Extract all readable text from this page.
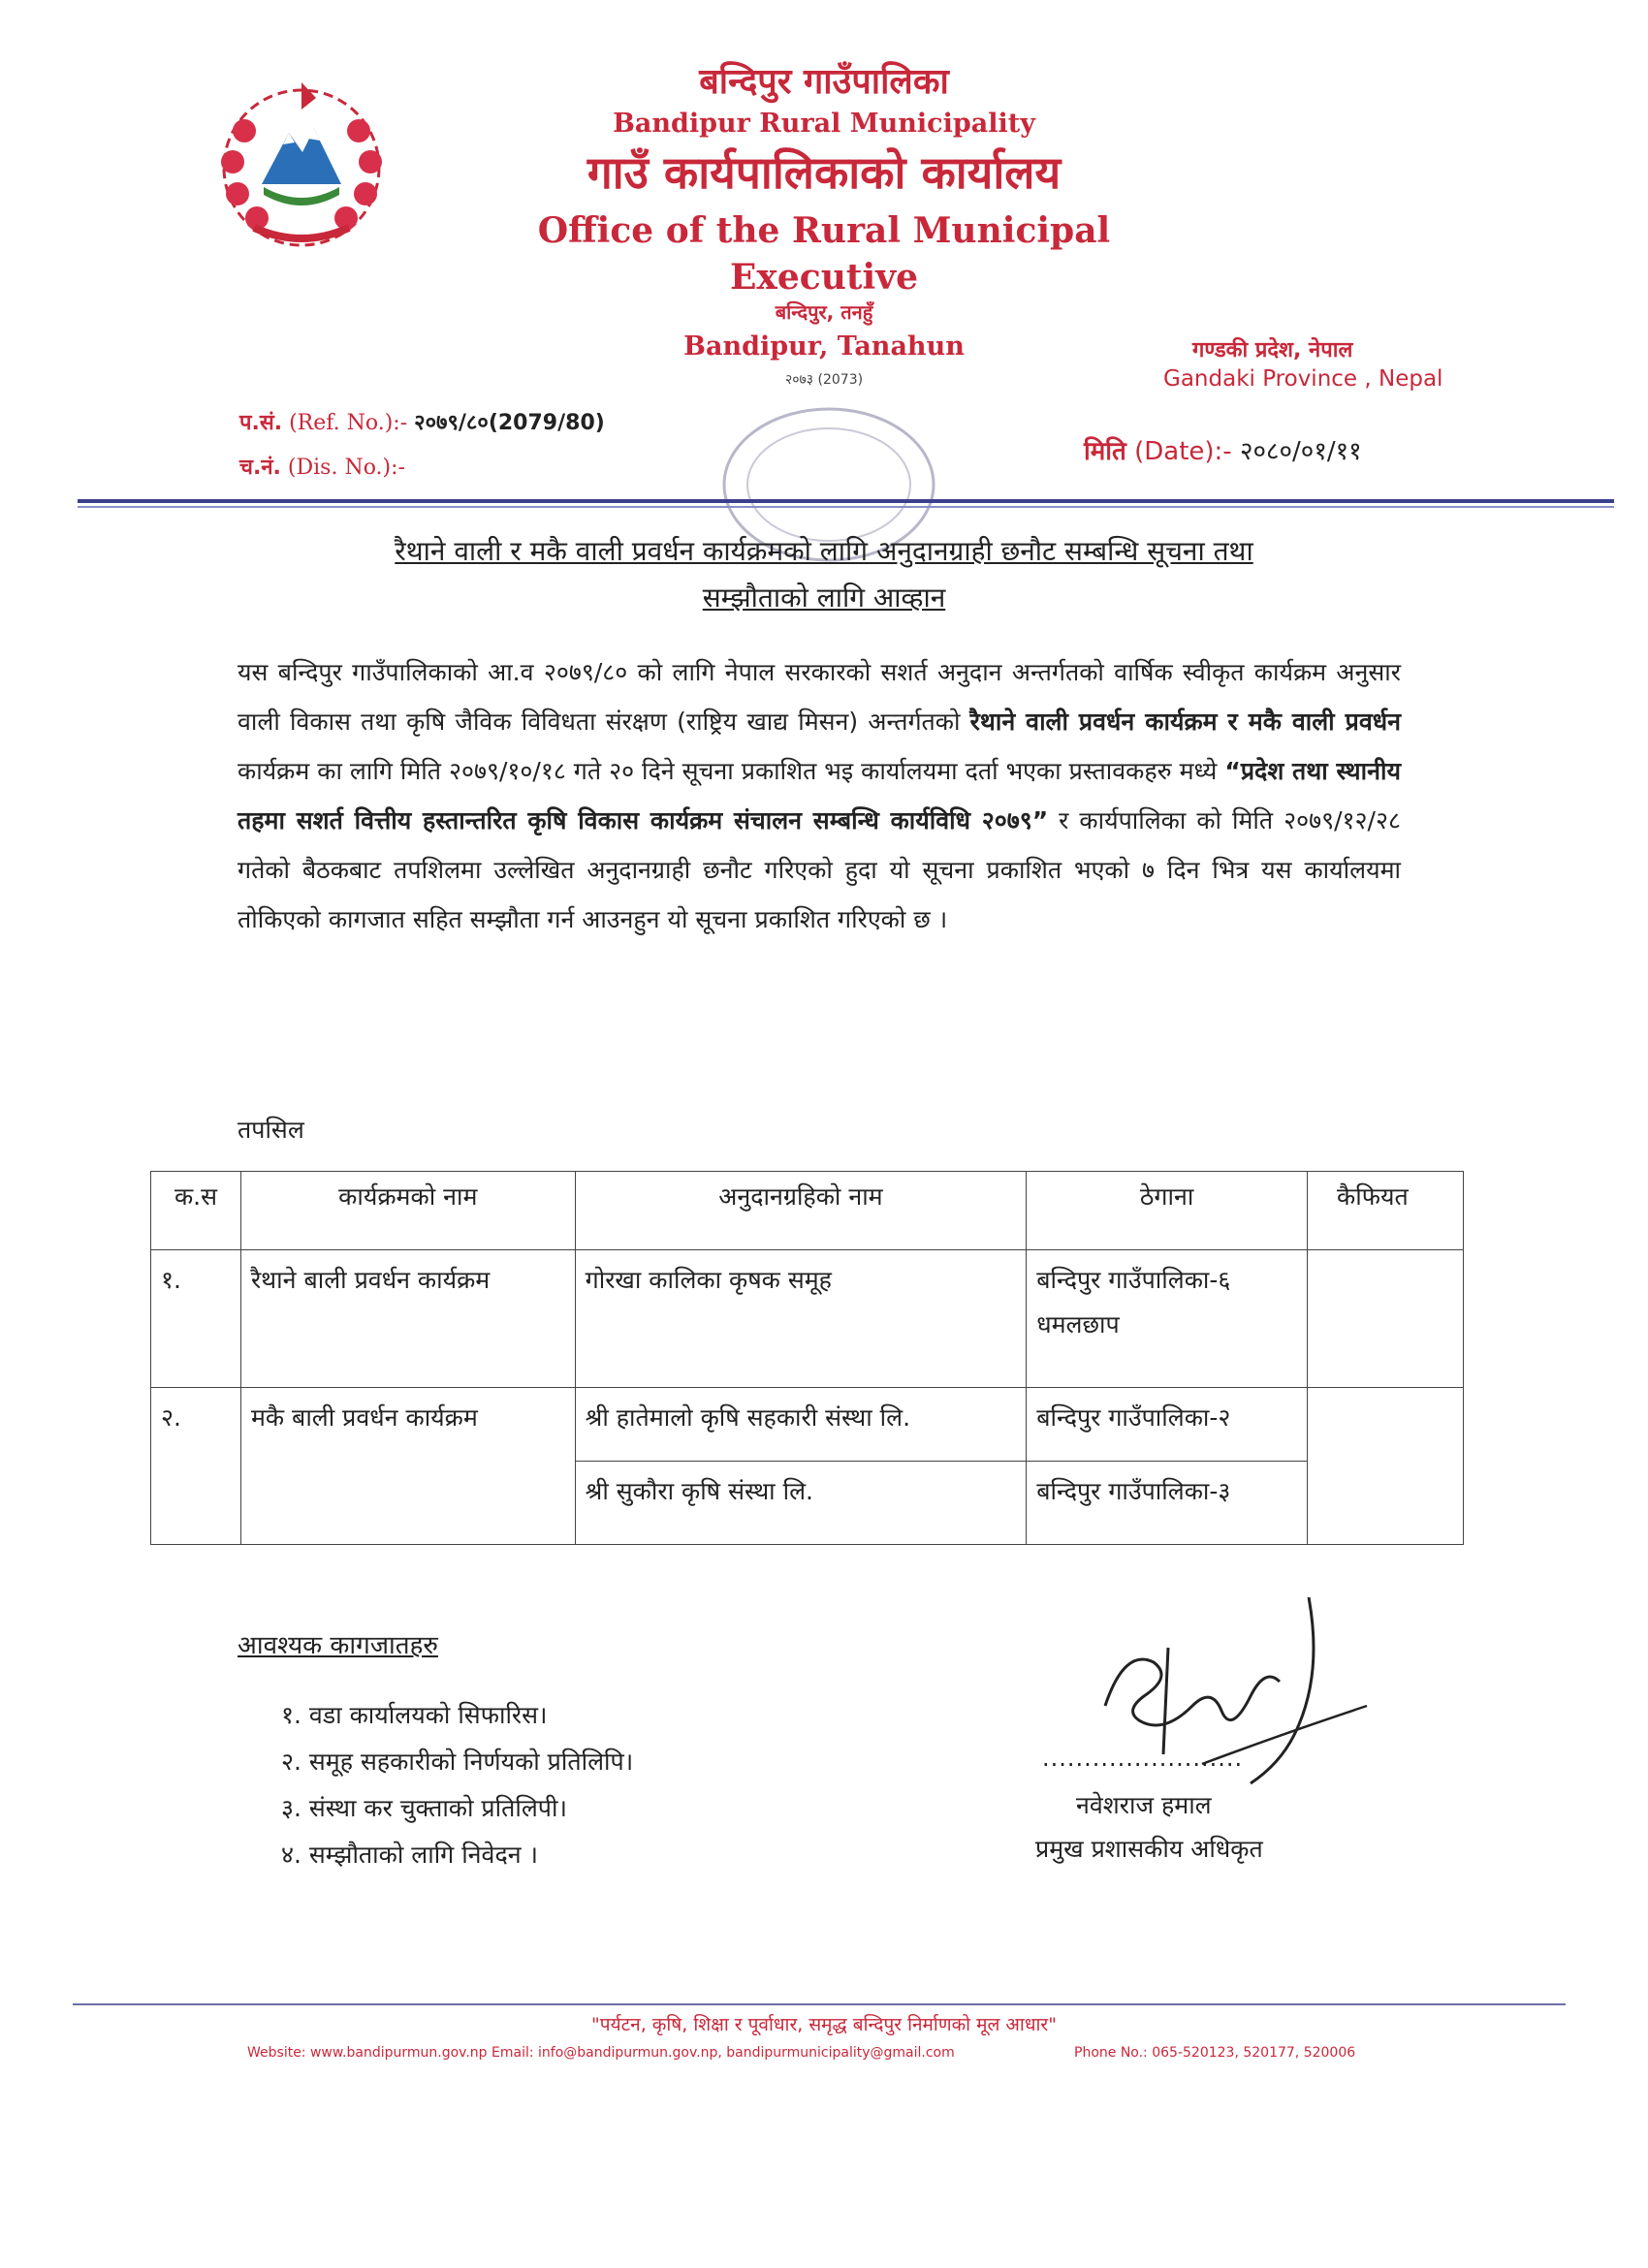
बन्दिपुर गाउँपालिका
Bandipur Rural Municipality
गाउँ कार्यपालिकाको कार्यालय
Office of the Rural Municipal
Executive
बन्दिपुर, तनहुँ
Bandipur, Tanahun
२०७३ (2073)
गण्डकी प्रदेश, नेपाल
Gandaki Province , Nepal
प.सं. (Ref. No.):- २०७९/८०(2079/80)
च.नं. (Dis. No.):-
मिति (Date):- २०८०/०१/११
रैथाने वाली र मकै वाली प्रवर्धन कार्यक्रमको लागि अनुदानग्राही छनौट सम्बन्धि सूचना तथा
सम्झौताको लागि आव्हान
यस बन्दिपुर गाउँपालिकाको आ.व २०७९/८० को लागि नेपाल सरकारको सशर्त अनुदान अन्तर्गतको वार्षिक स्वीकृत कार्यक्रम अनुसार वाली विकास तथा कृषि जैविक विविधता संरक्षण (राष्ट्रिय खाद्य मिसन) अन्तर्गतको रैथाने वाली प्रवर्धन कार्यक्रम र मकै वाली प्रवर्धन कार्यक्रम का लागि मिति २०७९/१०/१८ गते २० दिने सूचना प्रकाशित भइ कार्यालयमा दर्ता भएका प्रस्तावकहरु मध्ये “प्रदेश तथा स्थानीय तहमा सशर्त वित्तीय हस्तान्तरित कृषि विकास कार्यक्रम संचालन सम्बन्धि कार्यविधि २०७९” र कार्यपालिका को मिति २०७९/१२/२८ गतेको बैठकबाट तपशिलमा उल्लेखित अनुदानग्राही छनौट गरिएको हुदा यो सूचना प्रकाशित भएको ७ दिन भित्र यस कार्यालयमा तोकिएको कागजात सहित सम्झौता गर्न आउनहुन यो सूचना प्रकाशित गरिएको छ ।
तपसिल
क.स	कार्यक्रमको नाम	अनुदानग्रहिको नाम	ठेगाना	कैफियत
१.	रैथाने बाली प्रवर्धन कार्यक्रम	गोरखा कालिका कृषक समूह	बन्दिपुर गाउँपालिका-६ धमलछाप	
२.	मकै बाली प्रवर्धन कार्यक्रम	श्री हातेमालो कृषि सहकारी संस्था लि.	बन्दिपुर गाउँपालिका-२	
		श्री सुकौरा कृषि संस्था लि.	बन्दिपुर गाउँपालिका-३	
आवश्यक कागजातहरु
१. वडा कार्यालयको सिफारिस।
२. समूह सहकारीको निर्णयको प्रतिलिपि।
३. संस्था कर चुक्ताको प्रतिलिपी।
४. सम्झौताको लागि निवेदन ।
........................
नवेशराज हमाल
प्रमुख प्रशासकीय अधिकृत
"पर्यटन, कृषि, शिक्षा र पूर्वाधार, समृद्ध बन्दिपुर निर्माणको मूल आधार"
Website: www.bandipurmun.gov.np Email: info@bandipurmun.gov.np, bandipurmunicipality@gmail.com	Phone No.: 065-520123, 520177, 520006
